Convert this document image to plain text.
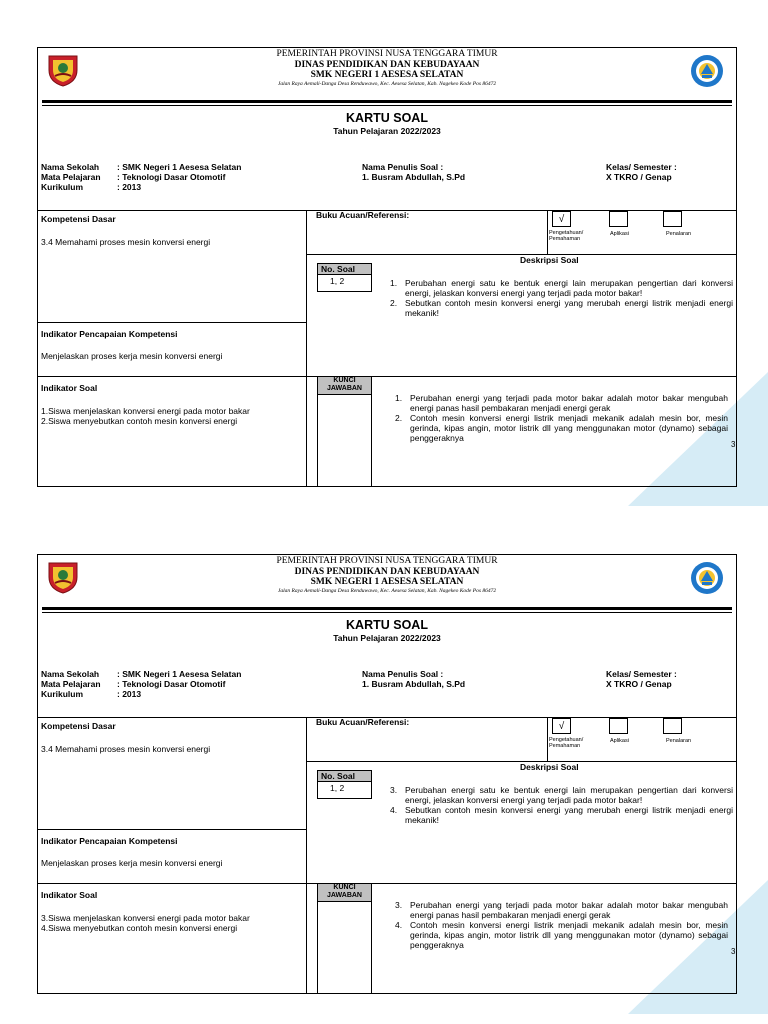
PEMERINTAH PROVINSI NUSA TENGGARA TIMUR
DINAS PENDIDIKAN DAN KEBUDAYAAN
SMK NEGERI 1 AESESA SELATAN
Jalan Raya Aemali-Danga Desa Renduwawo, Kec. Aesesa Selatan, Kab. Nagekeo Kode Pos 86472
KARTU SOAL
Tahun Pelajaran 2022/2023
Nama Sekolah : SMK Negeri 1 Aesesa Selatan
Mata Pelajaran : Teknologi Dasar Otomotif
Kurikulum	: 2013
Nama Penulis Soal :
1. Busram Abdullah, S.Pd
Kelas/ Semester :
X TKRO / Genap
Kompetensi Dasar
3.4 Memahami proses mesin konversi energi
Buku Acuan/Referensi:	√
Pengetahuan/ Pemahaman
Aplikasi	Penalaran
Deskripsi Soal
No. Soal
1, 2	1. Perubahan energi satu ke bentuk energi lain merupakan pengertian dari konversi energi, jelaskan konversi energi yang terjadi pada motor bakar!
2. Sebutkan contoh mesin konversi energi yang merubah energi listrik menjadi energi mekanik!
Indikator Pencapaian Kompetensi
Menjelaskan proses kerja mesin konversi energi
Indikator Soal
1.Siswa menjelaskan konversi energi pada motor bakar
2.Siswa menyebutkan contoh mesin konversi energi
KUNCI JAWABAN
1. Perubahan energi yang terjadi pada motor bakar adalah motor bakar mengubah energi panas hasil pembakaran menjadi energi gerak
2. Contoh mesin konversi energi listrik menjadi mekanik adalah mesin bor, mesin gerinda, kipas angin, motor listrik dll yang menggunakan motor (dynamo) sebagai penggeraknya
3
PEMERINTAH PROVINSI NUSA TENGGARA TIMUR
DINAS PENDIDIKAN DAN KEBUDAYAAN
SMK NEGERI 1 AESESA SELATAN
Jalan Raya Aemali-Danga Desa Renduwawo, Kec. Aesesa Selatan, Kab. Nagekeo Kode Pos 86472
KARTU SOAL
Tahun Pelajaran 2022/2023
Nama Sekolah : SMK Negeri 1 Aesesa Selatan
Mata Pelajaran : Teknologi Dasar Otomotif
Kurikulum	: 2013
Nama Penulis Soal :
1. Busram Abdullah, S.Pd
Kelas/ Semester :
X TKRO / Genap
Kompetensi Dasar
3.4 Memahami proses mesin konversi energi
Buku Acuan/Referensi:	√
Pengetahuan/ Pemahaman
Aplikasi	Penalaran
Deskripsi Soal
No. Soal
1, 2	3. Perubahan energi satu ke bentuk energi lain merupakan pengertian dari konversi energi, jelaskan konversi energi yang terjadi pada motor bakar!
4. Sebutkan contoh mesin konversi energi yang merubah energi listrik menjadi energi mekanik!
Indikator Pencapaian Kompetensi
Menjelaskan proses kerja mesin konversi energi
Indikator Soal
3.Siswa menjelaskan konversi energi pada motor bakar
4.Siswa menyebutkan contoh mesin konversi energi
KUNCI JAWABAN
3. Perubahan energi yang terjadi pada motor bakar adalah motor bakar mengubah energi panas hasil pembakaran menjadi energi gerak
4. Contoh mesin konversi energi listrik menjadi mekanik adalah mesin bor, mesin gerinda, kipas angin, motor listrik dll yang menggunakan motor (dynamo) sebagai penggeraknya
3
